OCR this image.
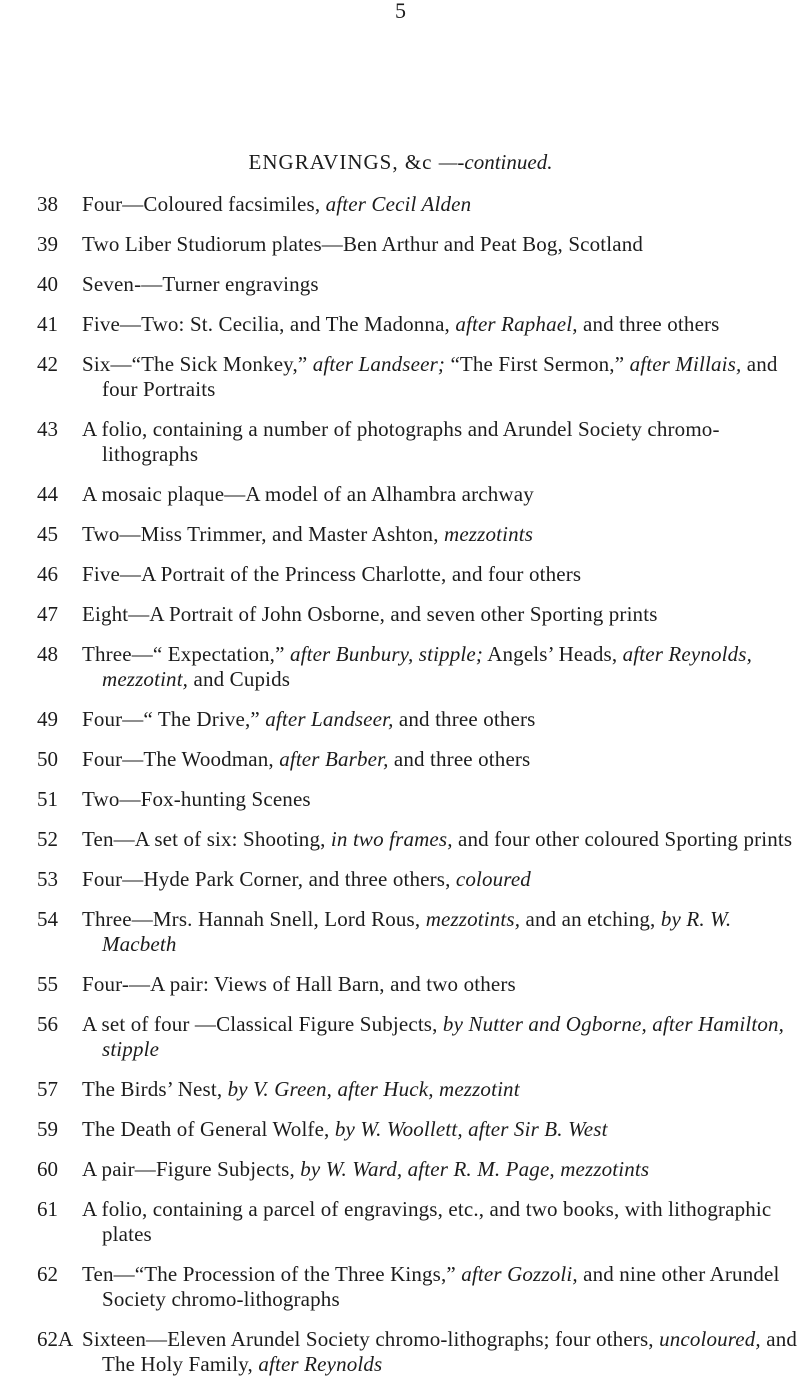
5
ENGRAVINGS, &c —-continued.
38	Four—Coloured facsimiles, after Cecil Alden
39	Two Liber Studiorum plates—Ben Arthur and Peat Bog, Scotland
40	Seven-—Turner engravings
41	Five—Two: St. Cecilia, and The Madonna, after Raphael, and three others
42	Six—“The Sick Monkey,” after Landseer; “The First Sermon,” after Millais, and four Portraits
43	A folio, containing a number of photographs and Arundel Society chromo-lithographs
44	A mosaic plaque—A model of an Alhambra archway
45	Two—Miss Trimmer, and Master Ashton, mezzotints
46	Five—A Portrait of the Princess Charlotte, and four others
47	Eight—A Portrait of John Osborne, and seven other Sporting prints
48	Three—“ Expectation,” after Bunbury, stipple; Angels’ Heads, after Reynolds, mezzotint, and Cupids
49	Four—“ The Drive,” after Landseer, and three others
50	Four—The Woodman, after Barber, and three others
51	Two—Fox-hunting Scenes
52	Ten—A set of six: Shooting, in two frames, and four other coloured Sporting prints
53	Four—Hyde Park Corner, and three others, coloured
54	Three—Mrs. Hannah Snell, Lord Rous, mezzotints, and an etching, by R. W. Macbeth
55	Four-—A pair: Views of Hall Barn, and two others
56	A set of four —Classical Figure Subjects, by Nutter and Ogborne, after Hamilton, stipple
57	The Birds’ Nest, by V. Green, after Huck, mezzotint
59	The Death of General Wolfe, by W. Woollett, after Sir B. West
60	A pair—Figure Subjects, by W. Ward, after R. M. Page, mezzotints
61	A folio, containing a parcel of engravings, etc., and two books, with lithographic plates
62	Ten—“The Procession of the Three Kings,” after Gozzoli, and nine other Arundel Society chromo-lithographs
62A Sixteen—Eleven Arundel Society chromo-lithographs; four others, uncoloured, and The Holy Family, after Reynolds
